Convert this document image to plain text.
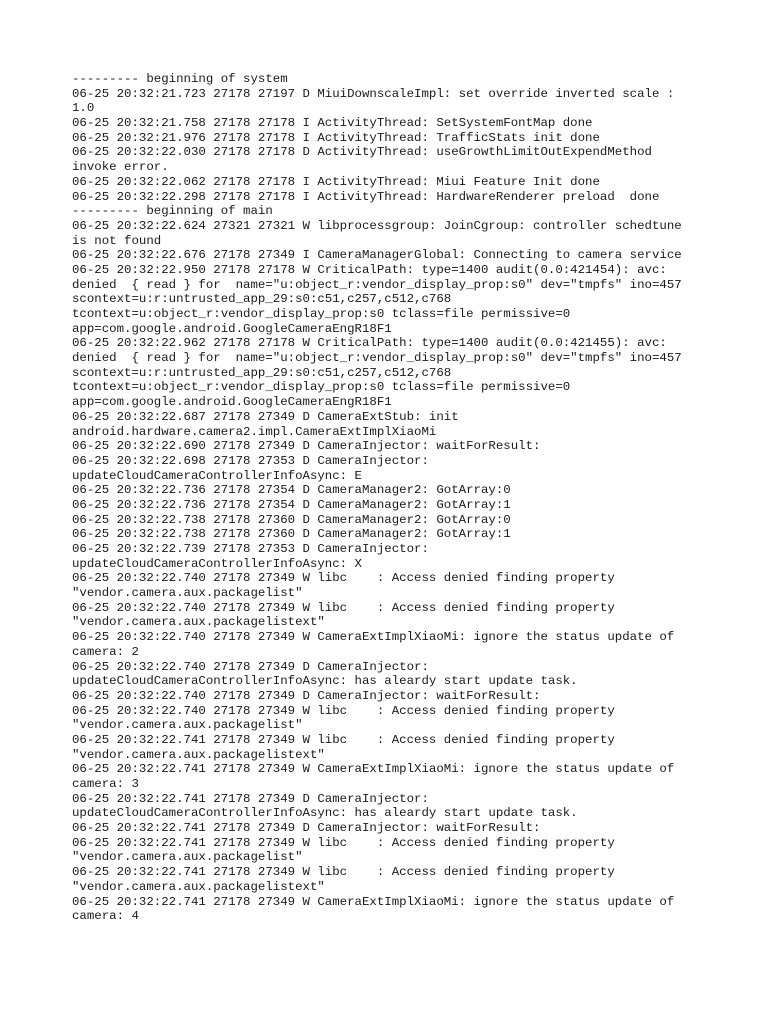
--------- beginning of system
06-25 20:32:21.723 27178 27197 D MiuiDownscaleImpl: set override inverted scale :
1.0
06-25 20:32:21.758 27178 27178 I ActivityThread: SetSystemFontMap done
06-25 20:32:21.976 27178 27178 I ActivityThread: TrafficStats init done
06-25 20:32:22.030 27178 27178 D ActivityThread: useGrowthLimitOutExpendMethod
invoke error.
06-25 20:32:22.062 27178 27178 I ActivityThread: Miui Feature Init done
06-25 20:32:22.298 27178 27178 I ActivityThread: HardwareRenderer preload  done
--------- beginning of main
06-25 20:32:22.624 27321 27321 W libprocessgroup: JoinCgroup: controller schedtune
is not found
06-25 20:32:22.676 27178 27349 I CameraManagerGlobal: Connecting to camera service
06-25 20:32:22.950 27178 27178 W CriticalPath: type=1400 audit(0.0:421454): avc:
denied  { read } for  name="u:object_r:vendor_display_prop:s0" dev="tmpfs" ino=457
scontext=u:r:untrusted_app_29:s0:c51,c257,c512,c768
tcontext=u:object_r:vendor_display_prop:s0 tclass=file permissive=0
app=com.google.android.GoogleCameraEngR18F1
06-25 20:32:22.962 27178 27178 W CriticalPath: type=1400 audit(0.0:421455): avc:
denied  { read } for  name="u:object_r:vendor_display_prop:s0" dev="tmpfs" ino=457
scontext=u:r:untrusted_app_29:s0:c51,c257,c512,c768
tcontext=u:object_r:vendor_display_prop:s0 tclass=file permissive=0
app=com.google.android.GoogleCameraEngR18F1
06-25 20:32:22.687 27178 27349 D CameraExtStub: init
android.hardware.camera2.impl.CameraExtImplXiaoMi
06-25 20:32:22.690 27178 27349 D CameraInjector: waitForResult:
06-25 20:32:22.698 27178 27353 D CameraInjector:
updateCloudCameraControllerInfoAsync: E
06-25 20:32:22.736 27178 27354 D CameraManager2: GotArray:0
06-25 20:32:22.736 27178 27354 D CameraManager2: GotArray:1
06-25 20:32:22.738 27178 27360 D CameraManager2: GotArray:0
06-25 20:32:22.738 27178 27360 D CameraManager2: GotArray:1
06-25 20:32:22.739 27178 27353 D CameraInjector:
updateCloudCameraControllerInfoAsync: X
06-25 20:32:22.740 27178 27349 W libc    : Access denied finding property
"vendor.camera.aux.packagelist"
06-25 20:32:22.740 27178 27349 W libc    : Access denied finding property
"vendor.camera.aux.packagelistext"
06-25 20:32:22.740 27178 27349 W CameraExtImplXiaoMi: ignore the status update of
camera: 2
06-25 20:32:22.740 27178 27349 D CameraInjector:
updateCloudCameraControllerInfoAsync: has aleardy start update task.
06-25 20:32:22.740 27178 27349 D CameraInjector: waitForResult:
06-25 20:32:22.740 27178 27349 W libc    : Access denied finding property
"vendor.camera.aux.packagelist"
06-25 20:32:22.741 27178 27349 W libc    : Access denied finding property
"vendor.camera.aux.packagelistext"
06-25 20:32:22.741 27178 27349 W CameraExtImplXiaoMi: ignore the status update of
camera: 3
06-25 20:32:22.741 27178 27349 D CameraInjector:
updateCloudCameraControllerInfoAsync: has aleardy start update task.
06-25 20:32:22.741 27178 27349 D CameraInjector: waitForResult:
06-25 20:32:22.741 27178 27349 W libc    : Access denied finding property
"vendor.camera.aux.packagelist"
06-25 20:32:22.741 27178 27349 W libc    : Access denied finding property
"vendor.camera.aux.packagelistext"
06-25 20:32:22.741 27178 27349 W CameraExtImplXiaoMi: ignore the status update of
camera: 4
